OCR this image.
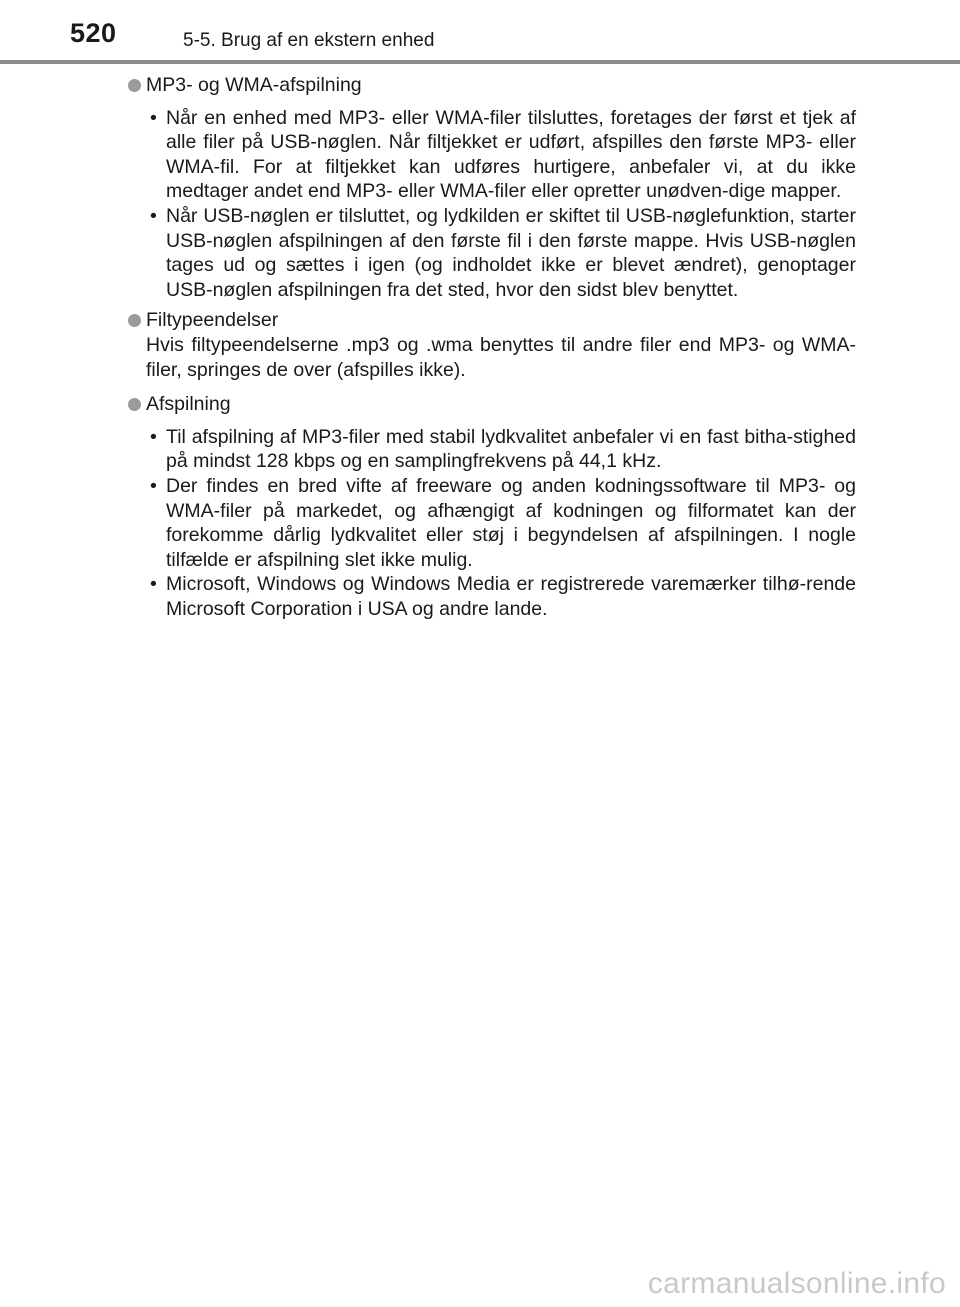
520	5-5. Brug af en ekstern enhed
MP3- og WMA-afspilning
• Når en enhed med MP3- eller WMA-filer tilsluttes, foretages der først et tjek af alle filer på USB-nøglen. Når filtjekket er udført, afspilles den første MP3- eller WMA-fil. For at filtjekket kan udføres hurtigere, anbefaler vi, at du ikke medtager andet end MP3- eller WMA-filer eller opretter unødven-dige mapper.
• Når USB-nøglen er tilsluttet, og lydkilden er skiftet til USB-nøglefunktion, starter USB-nøglen afspilningen af den første fil i den første mappe. Hvis USB-nøglen tages ud og sættes i igen (og indholdet ikke er blevet ændret), genoptager USB-nøglen afspilningen fra det sted, hvor den sidst blev benyttet.
Filtypeendelser
Hvis filtypeendelserne .mp3 og .wma benyttes til andre filer end MP3- og WMA-filer, springes de over (afspilles ikke).
Afspilning
• Til afspilning af MP3-filer med stabil lydkvalitet anbefaler vi en fast bitha-stighed på mindst 128 kbps og en samplingfrekvens på 44,1 kHz.
• Der findes en bred vifte af freeware og anden kodningssoftware til MP3- og WMA-filer på markedet, og afhængigt af kodningen og filformatet kan der forekomme dårlig lydkvalitet eller støj i begyndelsen af afspilningen. I nogle tilfælde er afspilning slet ikke mulig.
• Microsoft, Windows og Windows Media er registrerede varemærker tilhø-rende Microsoft Corporation i USA og andre lande.
carmanualsonline.info
